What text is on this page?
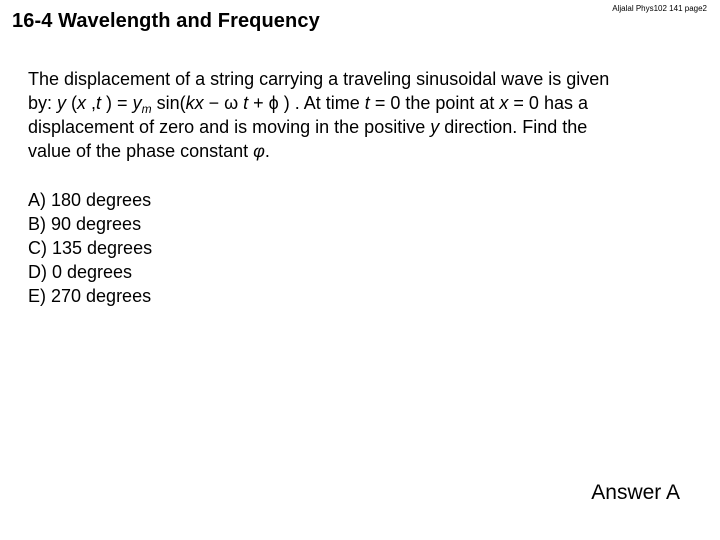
16-4 Wavelength and Frequency
Aljalal Phys102 141 page2
The displacement of a string carrying a traveling sinusoidal wave is given
by: y (x ,t ) = $y_m$ sin(kx − ω t + ϕ ) . At time t = 0 the point at x = 0 has a
displacement of zero and is moving in the positive y direction. Find the
value of the phase constant φ.
A) 180 degrees
B) 90 degrees
C) 135 degrees
D) 0 degrees
E) 270 degrees
Answer A
